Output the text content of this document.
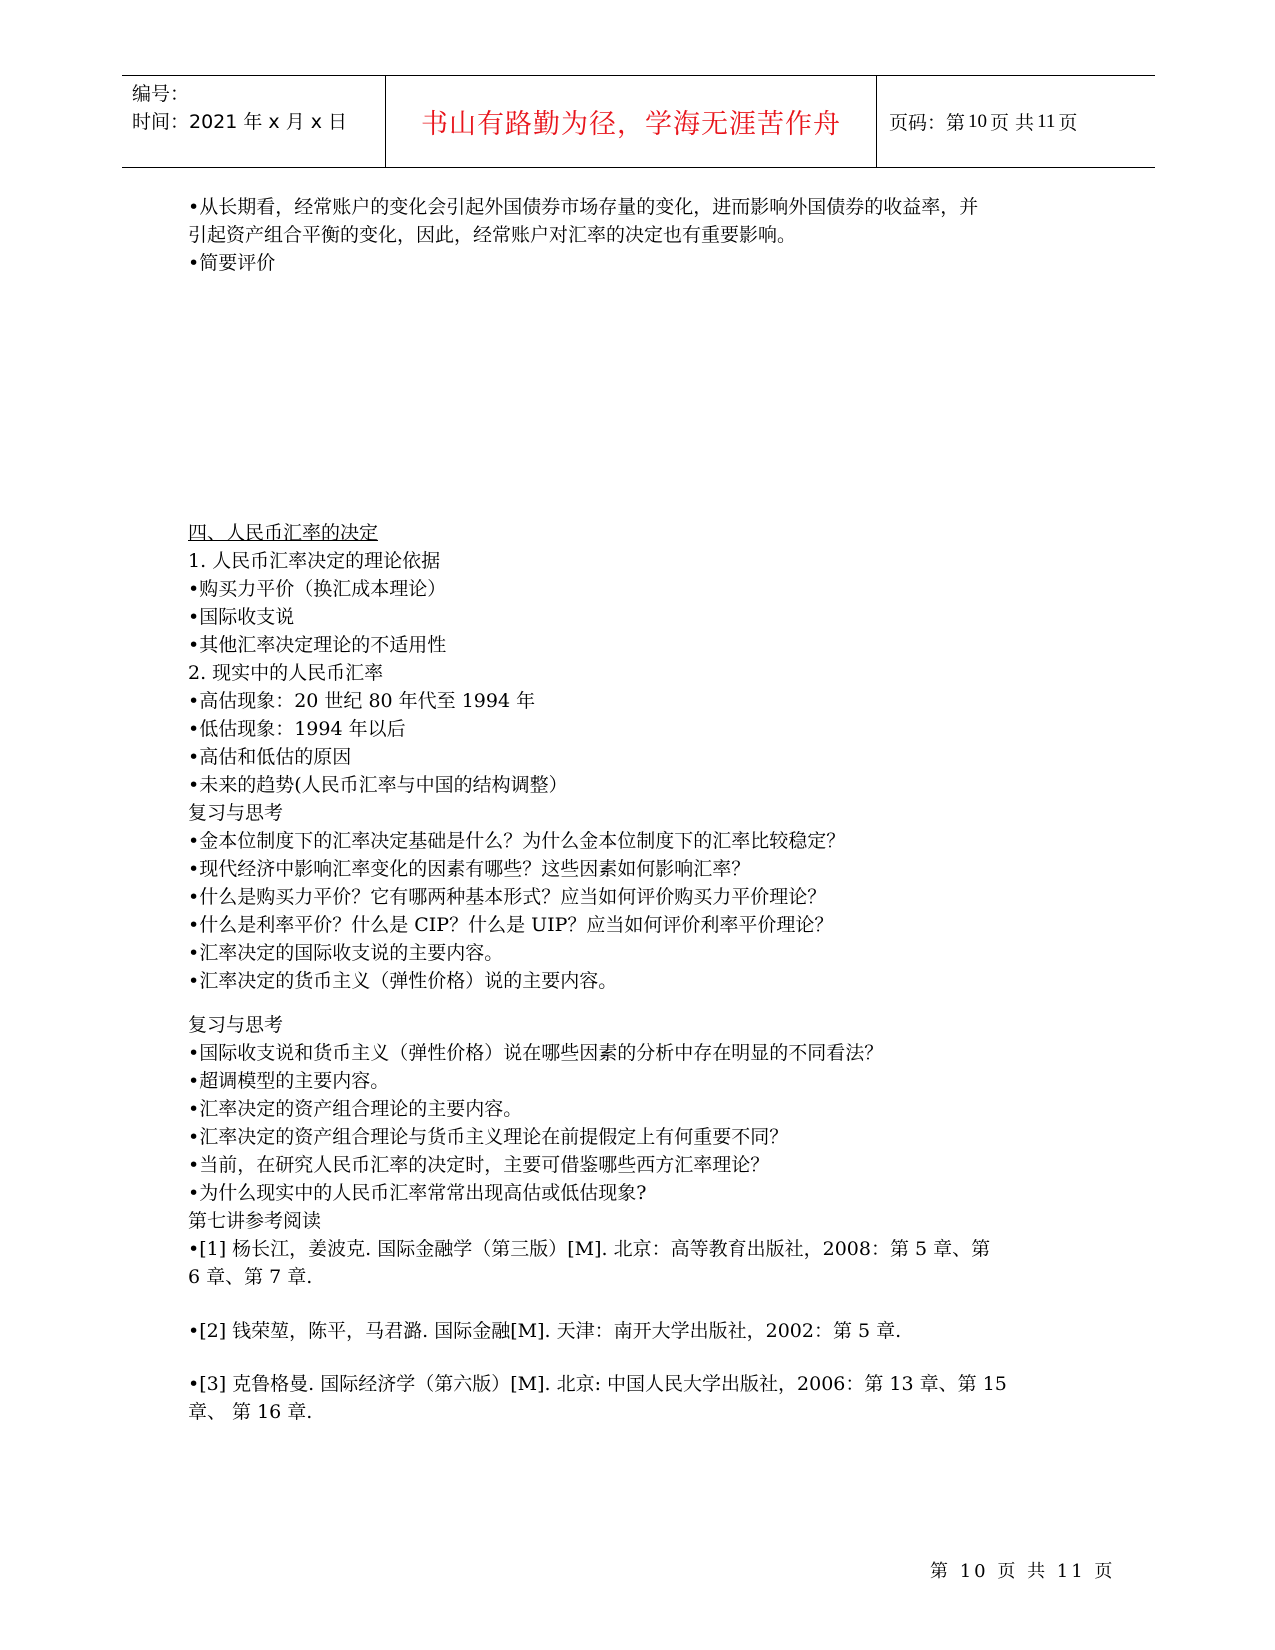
编号：
时间：2021 年 x 月 x 日	书山有路勤为径，学海无涯苦作舟	页码：第 10 页 共 11 页
•从长期看，经常账户的变化会引起外国债券市场存量的变化，进而影响外国债券的收益率，并
引起资产组合平衡的变化，因此，经常账户对汇率的决定也有重要影响。
•简要评价
四、人民币汇率的决定
1. 人民币汇率决定的理论依据
•购买力平价（换汇成本理论）
•国际收支说
•其他汇率决定理论的不适用性
2. 现实中的人民币汇率
•高估现象：20 世纪 80 年代至 1994 年
•低估现象：1994 年以后
•高估和低估的原因
•未来的趋势(人民币汇率与中国的结构调整）
复习与思考
•金本位制度下的汇率决定基础是什么？为什么金本位制度下的汇率比较稳定？
•现代经济中影响汇率变化的因素有哪些？这些因素如何影响汇率？
•什么是购买力平价？它有哪两种基本形式？应当如何评价购买力平价理论？
•什么是利率平价？什么是 CIP？什么是 UIP？应当如何评价利率平价理论？
•汇率决定的国际收支说的主要内容。
•汇率决定的货币主义（弹性价格）说的主要内容。
复习与思考
•国际收支说和货币主义（弹性价格）说在哪些因素的分析中存在明显的不同看法？
•超调模型的主要内容。
•汇率决定的资产组合理论的主要内容。
•汇率决定的资产组合理论与货币主义理论在前提假定上有何重要不同？
•当前，在研究人民币汇率的决定时，主要可借鉴哪些西方汇率理论？
•为什么现实中的人民币汇率常常出现高估或低估现象?
第七讲参考阅读
•[1] 杨长江，姜波克. 国际金融学（第三版）[M]. 北京：高等教育出版社，2008：第 5 章、第
6 章、第 7 章.
•[2] 钱荣堃，陈平，马君潞. 国际金融[M]. 天津：南开大学出版社，2002：第 5 章.
•[3] 克鲁格曼. 国际经济学（第六版）[M]. 北京: 中国人民大学出版社，2006：第 13 章、第 15
章、 第 16 章.
第 10 页 共 11 页
